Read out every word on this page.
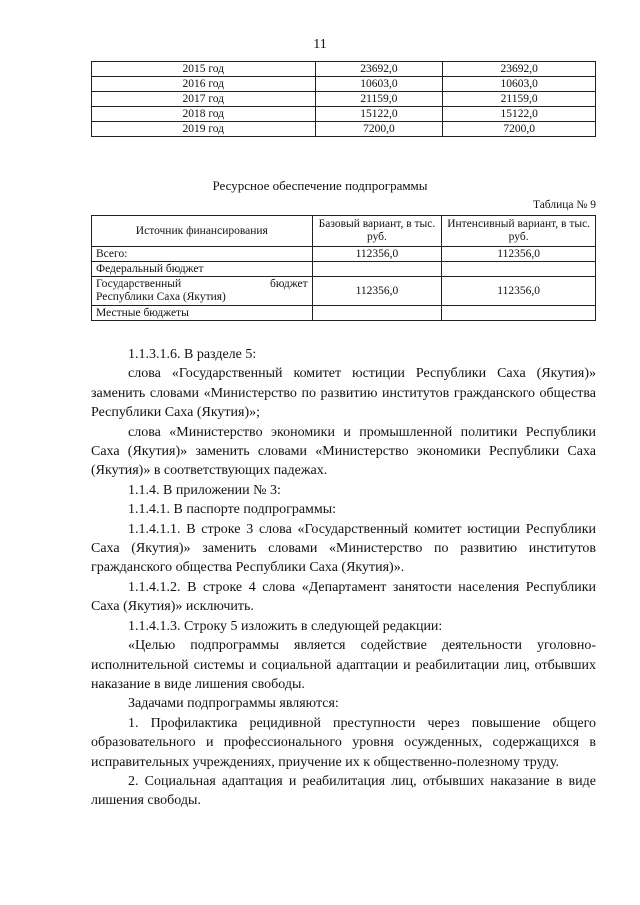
11
2015 год	23692,0	23692,0
2016 год	10603,0	10603,0
2017 год	21159,0	21159,0
2018 год	15122,0	15122,0
2019 год	7200,0	7200,0
Ресурсное обеспечение подпрограммы
Таблица № 9
Источник финансирования	Базовый вариант, в тыс. руб.	Интенсивный вариант, в тыс. руб.
Всего:	112356,0	112356,0
Федеральный бюджет		

Государственный бюджет
Республики Саха (Якутия)	112356,0	112356,0
Местные бюджеты		

1.1.3.1.6. В разделе 5:

слова «Государственный комитет юстиции Республики Саха (Якутия)» заменить словами «Министерство по развитию институтов гражданского общества Республики Саха (Якутия)»;

слова «Министерство экономики и промышленной политики Республики Саха (Якутия)» заменить словами «Министерство экономики Республики Саха (Якутия)» в соответствующих падежах.

1.1.4. В приложении № 3:

1.1.4.1. В паспорте подпрограммы:

1.1.4.1.1. В строке 3 слова «Государственный комитет юстиции Республики Саха (Якутия)» заменить словами «Министерство по развитию институтов гражданского общества Республики Саха (Якутия)».

1.1.4.1.2. В строке 4 слова «Департамент занятости населения Республики Саха (Якутия)» исключить.

1.1.4.1.3. Строку 5 изложить в следующей редакции:

«Целью подпрограммы является содействие деятельности уголовно-исполнительной системы и социальной адаптации и реабилитации лиц, отбывших наказание в виде лишения свободы.

Задачами подпрограммы являются:

1. Профилактика рецидивной преступности через повышение общего образовательного и профессионального уровня осужденных, содержащихся в исправительных учреждениях, приучение их к общественно-полезному труду.

2. Социальная адаптация и реабилитация лиц, отбывших наказание в виде лишения свободы.
